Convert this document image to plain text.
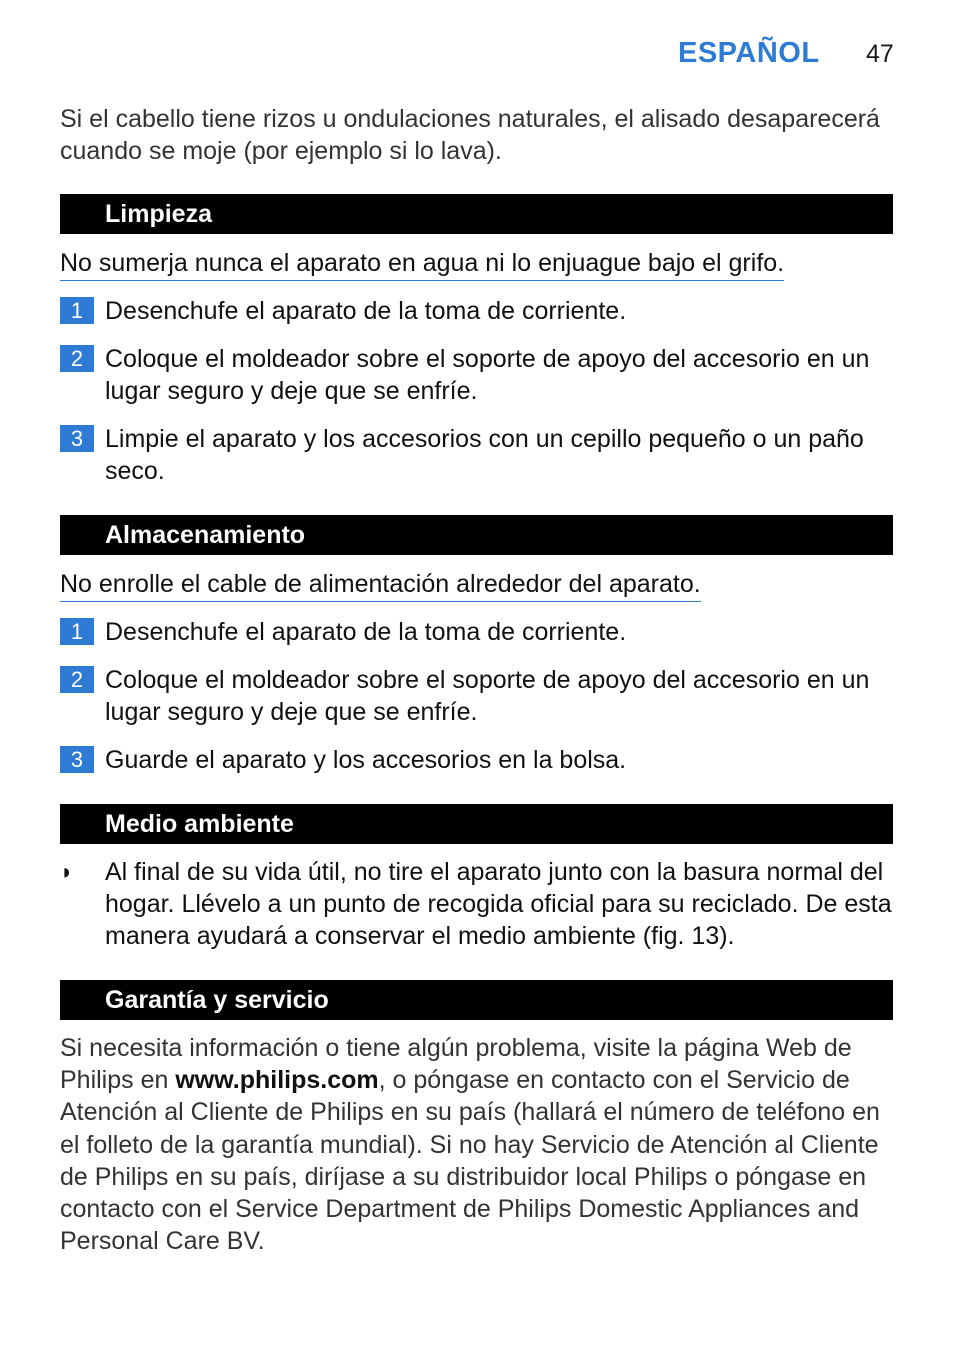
ESPAÑOL 47
Si el cabello tiene rizos u ondulaciones naturales, el alisado desaparecerá cuando se moje (por ejemplo si lo lava).
Limpieza
No sumerja nunca el aparato en agua ni lo enjuague bajo el grifo.
1 Desenchufe el aparato de la toma de corriente.
2 Coloque el moldeador sobre el soporte de apoyo del accesorio en un lugar seguro y deje que se enfríe.
3 Limpie el aparato y los accesorios con un cepillo pequeño o un paño seco.
Almacenamiento
No enrolle el cable de alimentación alrededor del aparato.
1 Desenchufe el aparato de la toma de corriente.
2 Coloque el moldeador sobre el soporte de apoyo del accesorio en un lugar seguro y deje que se enfríe.
3 Guarde el aparato y los accesorios en la bolsa.
Medio ambiente
◗ Al final de su vida útil, no tire el aparato junto con la basura normal del hogar. Llévelo a un punto de recogida oficial para su reciclado. De esta manera ayudará a conservar el medio ambiente (fig. 13).
Garantía y servicio
Si necesita información o tiene algún problema, visite la página Web de Philips en www.philips.com, o póngase en contacto con el Servicio de Atención al Cliente de Philips en su país (hallará el número de teléfono en el folleto de la garantía mundial). Si no hay Servicio de Atención al Cliente de Philips en su país, diríjase a su distribuidor local Philips o póngase en contacto con el Service Department de Philips Domestic Appliances and Personal Care BV.
